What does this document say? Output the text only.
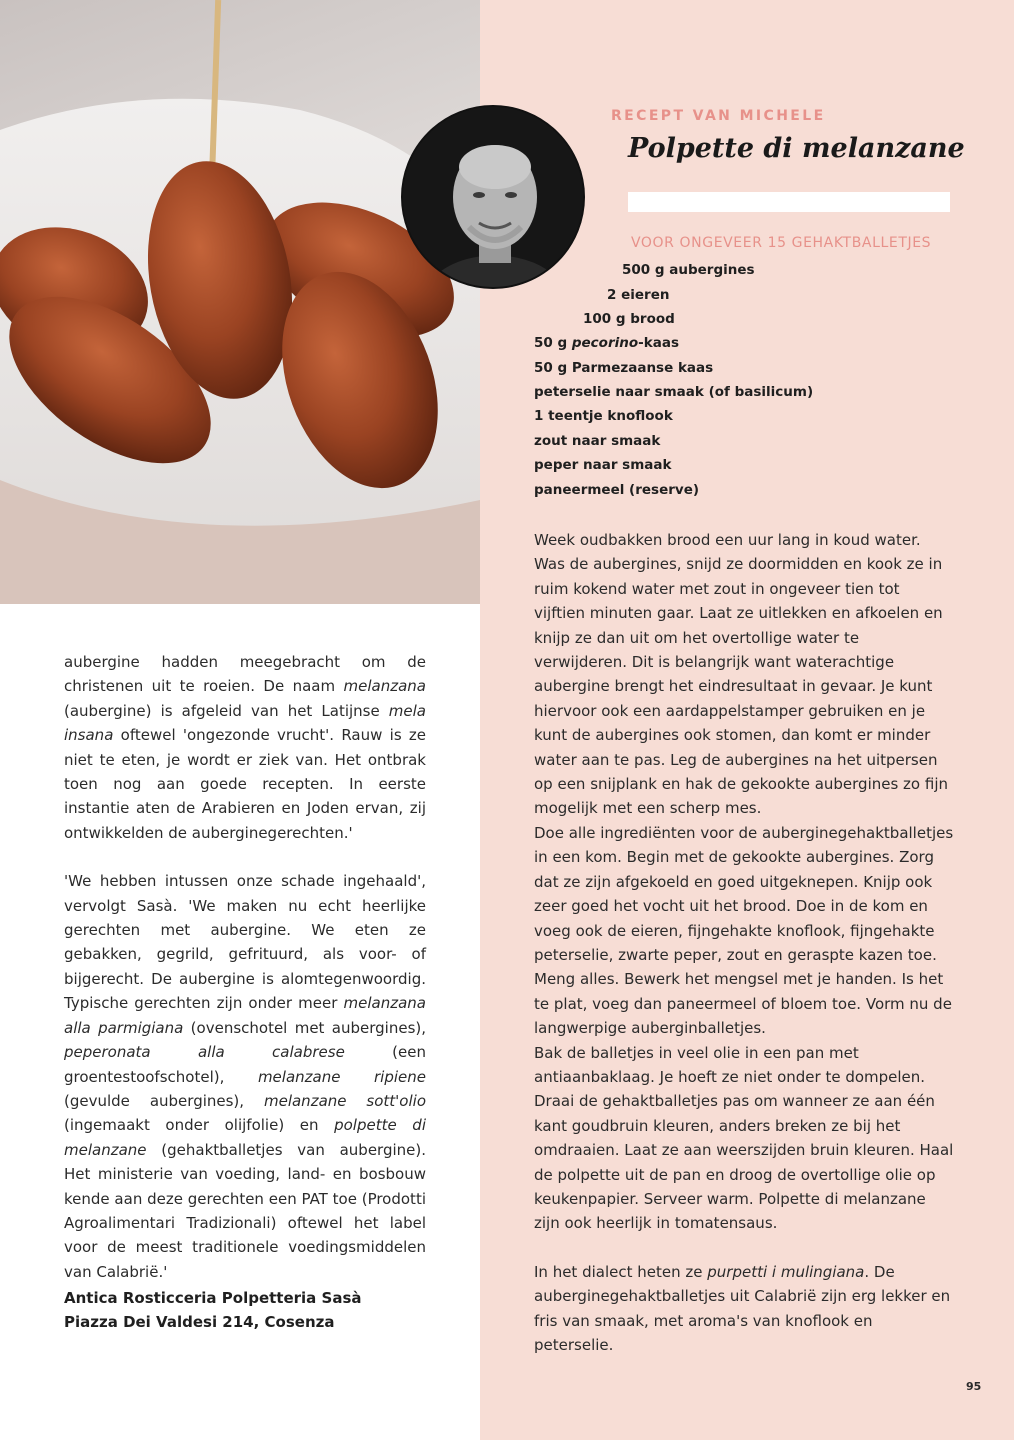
RECEPT VAN MICHELE
Polpette di melanzane
VOOR ONGEVEER 15 GEHAKTBALLETJES
500 g aubergines
2 eieren
100 g brood
50 g pecorino-kaas
50 g Parmezaanse kaas
peterselie naar smaak (of basilicum)
1 teentje knoflook
zout naar smaak
peper naar smaak
paneermeel (reserve)

Week oudbakken brood een uur lang in koud water. Was de aubergines, snijd ze doormidden en kook ze in ruim kokend water met zout in ongeveer tien tot vijftien minuten gaar. Laat ze uitlekken en afkoelen en knijp ze dan uit om het overtollige water te verwijderen. Dit is belangrijk want waterachtige aubergine brengt het eindresultaat in gevaar. Je kunt hiervoor ook een aardappelstamper gebruiken en je kunt de aubergines ook stomen, dan komt er minder water aan te pas. Leg de aubergines na het uitpersen op een snijplank en hak de gekookte aubergines zo fijn mogelijk met een scherp mes.

Doe alle ingrediënten voor de auberginegehaktballetjes in een kom. Begin met de gekookte aubergines. Zorg dat ze zijn afgekoeld en goed uitgeknepen. Knijp ook zeer goed het vocht uit het brood. Doe in de kom en voeg ook de eieren, fijngehakte knoflook, fijngehakte peterselie, zwarte peper, zout en geraspte kazen toe. Meng alles. Bewerk het mengsel met je handen. Is het te plat, voeg dan paneermeel of bloem toe. Vorm nu de langwerpige auberginballetjes.

Bak de balletjes in veel olie in een pan met antiaanbaklaag. Je hoeft ze niet onder te dompelen. Draai de gehaktballetjes pas om wanneer ze aan één kant goudbruin kleuren, anders breken ze bij het omdraaien. Laat ze aan weerszijden bruin kleuren. Haal de polpette uit de pan en droog de overtollige olie op keukenpapier. Serveer warm. Polpette di melanzane zijn ook heerlijk in tomatensaus.

In het dialect heten ze purpetti i mulingiana. De auberginegehaktballetjes uit Calabrië zijn erg lekker en fris van smaak, met aroma's van knoflook en peterselie.

aubergine hadden meegebracht om de christenen uit te roeien. De naam melanzana (aubergine) is afgeleid van het Latijnse mela insana oftewel 'ongezonde vrucht'. Rauw is ze niet te eten, je wordt er ziek van. Het ontbrak toen nog aan goede recepten. In eerste instantie aten de Arabieren en Joden ervan, zij ontwikkelden de auberginegerechten.'

'We hebben intussen onze schade ingehaald', vervolgt Sasà. 'We maken nu echt heerlijke gerechten met aubergine. We eten ze gebakken, gegrild, gefrituurd, als voor- of bijgerecht. De aubergine is alomtegenwoordig. Typische gerechten zijn onder meer melanzana alla parmigiana (ovenschotel met aubergines), peperonata alla calabrese (een groentestoofschotel), melanzane ripiene (gevulde aubergines), melanzane sott'olio (ingemaakt onder olijfolie) en polpette di melanzane (gehaktballetjes van aubergine). Het ministerie van voeding, land- en bosbouw kende aan deze gerechten een PAT toe (Prodotti Agroalimentari Tradizionali) oftewel het label voor de meest traditionele voedingsmiddelen van Calabrië.'

Antica Rosticceria Polpetteria Sasà
Piazza Dei Valdesi 214, Cosenza
95
